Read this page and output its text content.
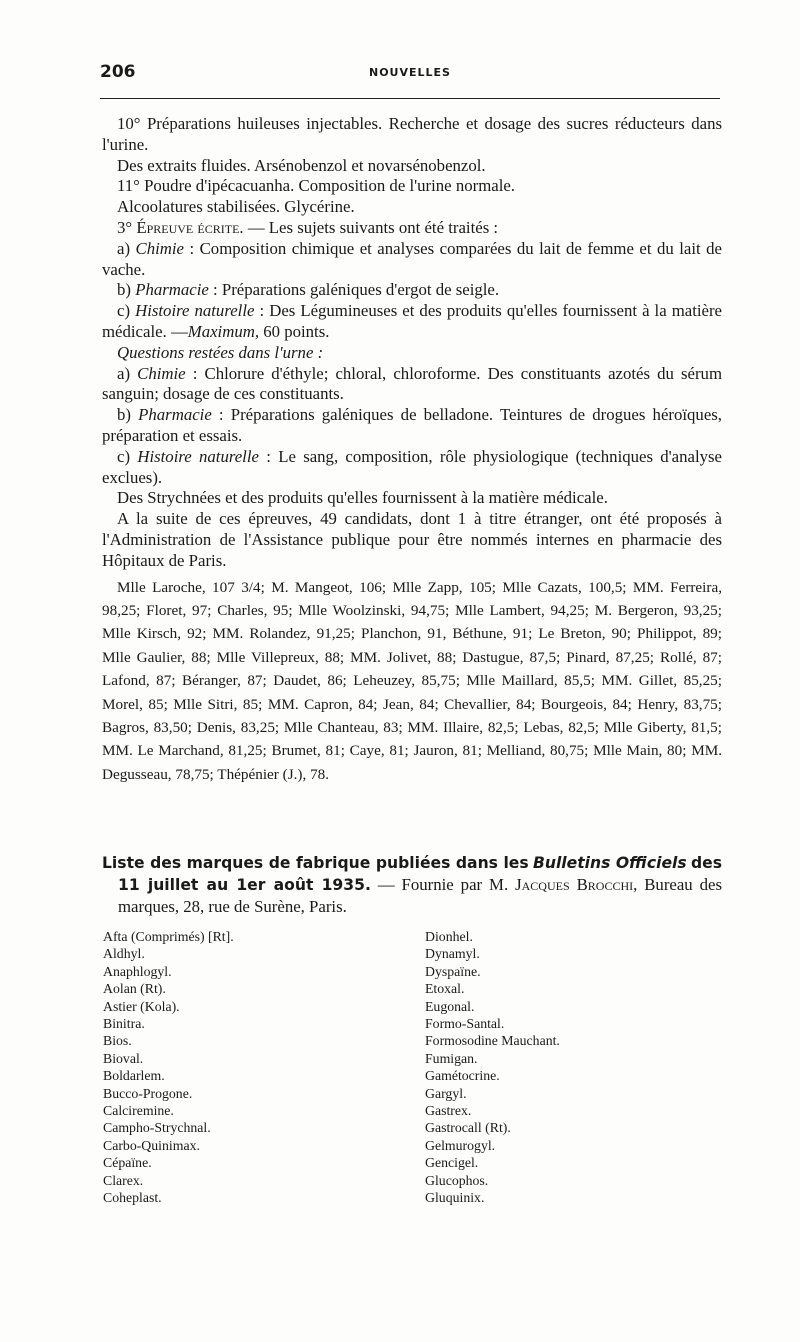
206	NOUVELLES

10° Préparations huileuses injectables. Recherche et dosage des sucres réducteurs dans l'urine.

Des extraits fluides. Arsénobenzol et novarsénobenzol.

11° Poudre d'ipécacuanha. Composition de l'urine normale.

Alcoolatures stabilisées. Glycérine.

3° Épreuve écrite. — Les sujets suivants ont été traités :

a) Chimie : Composition chimique et analyses comparées du lait de femme et du lait de vache.

b) Pharmacie : Préparations galéniques d'ergot de seigle.

c) Histoire naturelle : Des Légumineuses et des produits qu'elles fournissent à la matière médicale. —Maximum, 60 points.

Questions restées dans l'urne :

a) Chimie : Chlorure d'éthyle; chloral, chloroforme. Des constituants azotés du sérum sanguin; dosage de ces constituants.

b) Pharmacie : Préparations galéniques de belladone. Teintures de drogues héroïques, préparation et essais.

c) Histoire naturelle : Le sang, composition, rôle physiologique (techniques d'analyse exclues).

Des Strychnées et des produits qu'elles fournissent à la matière médicale.

A la suite de ces épreuves, 49 candidats, dont 1 à titre étranger, ont été proposés à l'Administration de l'Assistance publique pour être nommés internes en pharmacie des Hôpitaux de Paris.

Mlle Laroche, 107 3/4; M. Mangeot, 106; Mlle Zapp, 105; Mlle Cazats, 100,5; MM. Ferreira, 98,25; Floret, 97; Charles, 95; Mlle Woolzinski, 94,75; Mlle Lambert, 94,25; M. Bergeron, 93,25; Mlle Kirsch, 92; MM. Rolandez, 91,25; Planchon, 91, Béthune, 91; Le Breton, 90; Philippot, 89; Mlle Gaulier, 88; Mlle Villepreux, 88; MM. Jolivet, 88; Dastugue, 87,5; Pinard, 87,25; Rollé, 87; Lafond, 87; Béranger, 87; Daudet, 86; Leheuzey, 85,75; Mlle Maillard, 85,5; MM. Gillet, 85,25; Morel, 85; Mlle Sitri, 85; MM. Capron, 84; Jean, 84; Chevallier, 84; Bourgeois, 84; Henry, 83,75; Bagros, 83,50; Denis, 83,25; Mlle Chanteau, 83; MM. Illaire, 82,5; Lebas, 82,5; Mlle Giberty, 81,5; MM. Le Marchand, 81,25; Brumet, 81; Caye, 81; Jauron, 81; Melliand, 80,75; Mlle Main, 80; MM. Degusseau, 78,75; Thépénier (J.), 78.

Liste des marques de fabrique publiées dans les Bulletins Officiels des 11 juillet au 1er août 1935. — Fournie par M. Jacques Brocchi, Bureau des marques, 28, rue de Surène, Paris.
Afta (Comprimés) [Rt].
Aldhyl.
Anaphlogyl.
Aolan (Rt).
Astier (Kola).
Binitra.
Bios.
Bioval.
Boldarlem.
Bucco-Progone.
Calciremine.
Campho-Strychnal.
Carbo-Quinimax.
Cépaïne.
Clarex.
Coheplast.
Dionhel.
Dynamyl.
Dyspaïne.
Etoxal.
Eugonal.
Formo-Santal.
Formosodine Mauchant.
Fumigan.
Gamétocrine.
Gargyl.
Gastrex.
Gastrocall (Rt).
Gelmurogyl.
Gencigel.
Glucophos.
Gluquinix.
